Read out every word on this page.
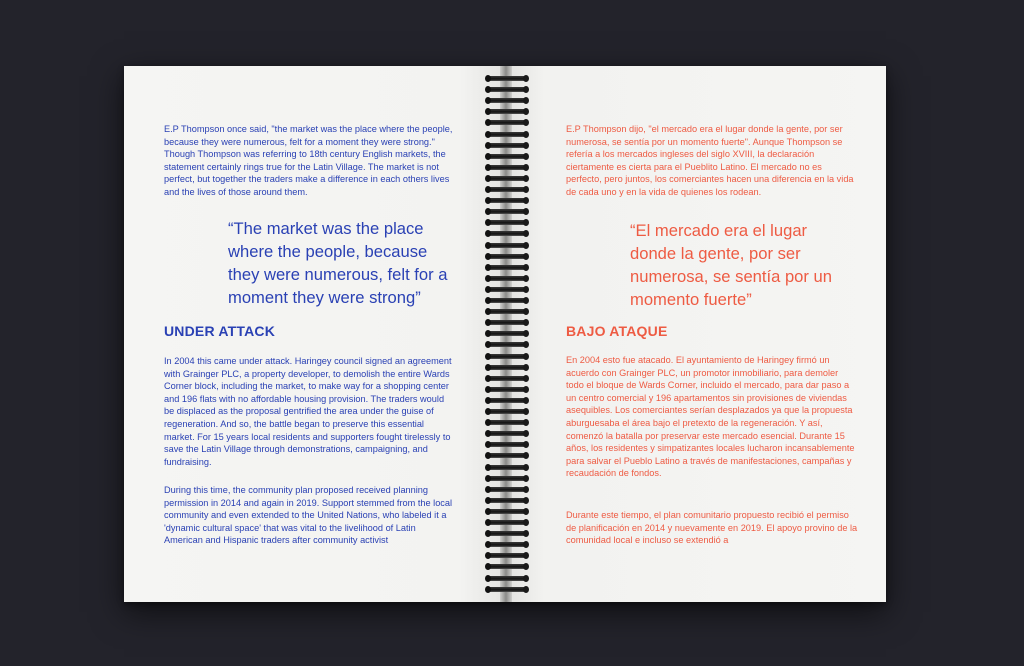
E.P Thompson once said, "the market was the place where the people, because they were numerous, felt for a moment they were strong." Though Thompson was referring to 18th century English markets, the statement certainly rings true for the Latin Village. The market is not perfect, but together the traders make a difference in each others lives and the lives of those around them.

“The market was the place where the people, because they were numerous, felt for a moment they were strong”

UNDER ATTACK

In 2004 this came under attack. Haringey council signed an agreement with Grainger PLC, a property developer, to demolish the entire Wards Corner block, including the market, to make way for a shopping center and 196 flats with no affordable housing provision. The traders would be displaced as the proposal gentrified the area under the guise of regeneration. And so, the battle began to preserve this essential market. For 15 years local residents and supporters fought tirelessly to save the Latin Village through demonstrations, campaigning, and fundraising.

During this time, the community plan proposed received planning permission in 2014 and again in 2019. Support stemmed from the local community and even extended to the United Nations, who labeled it a 'dynamic cultural space' that was vital to the livelihood of Latin American and Hispanic traders after community activist

E.P Thompson dijo, "el mercado era el lugar donde la gente, por ser numerosa, se sentía por un momento fuerte". Aunque Thompson se refería a los mercados ingleses del siglo XVIII, la declaración ciertamente es cierta para el Pueblito Latino. El mercado no es perfecto, pero juntos, los comerciantes hacen una diferencia en la vida de cada uno y en la vida de quienes los rodean.

“El mercado era el lugar donde la gente, por ser numerosa, se sentía por un momento fuerte”

BAJO ATAQUE

En 2004 esto fue atacado. El ayuntamiento de Haringey firmó un acuerdo con Grainger PLC, un promotor inmobiliario, para demoler todo el bloque de Wards Corner, incluido el mercado, para dar paso a un centro comercial y 196 apartamentos sin provisiones de viviendas asequibles. Los comerciantes serían desplazados ya que la propuesta aburguesaba el área bajo el pretexto de la regeneración. Y así, comenzó la batalla por preservar este mercado esencial. Durante 15 años, los residentes y simpatizantes locales lucharon incansablemente para salvar el Pueblo Latino a través de manifestaciones, campañas y recaudación de fondos.

Durante este tiempo, el plan comunitario propuesto recibió el permiso de planificación en 2014 y nuevamente en 2019. El apoyo provino de la comunidad local e incluso se extendió a
